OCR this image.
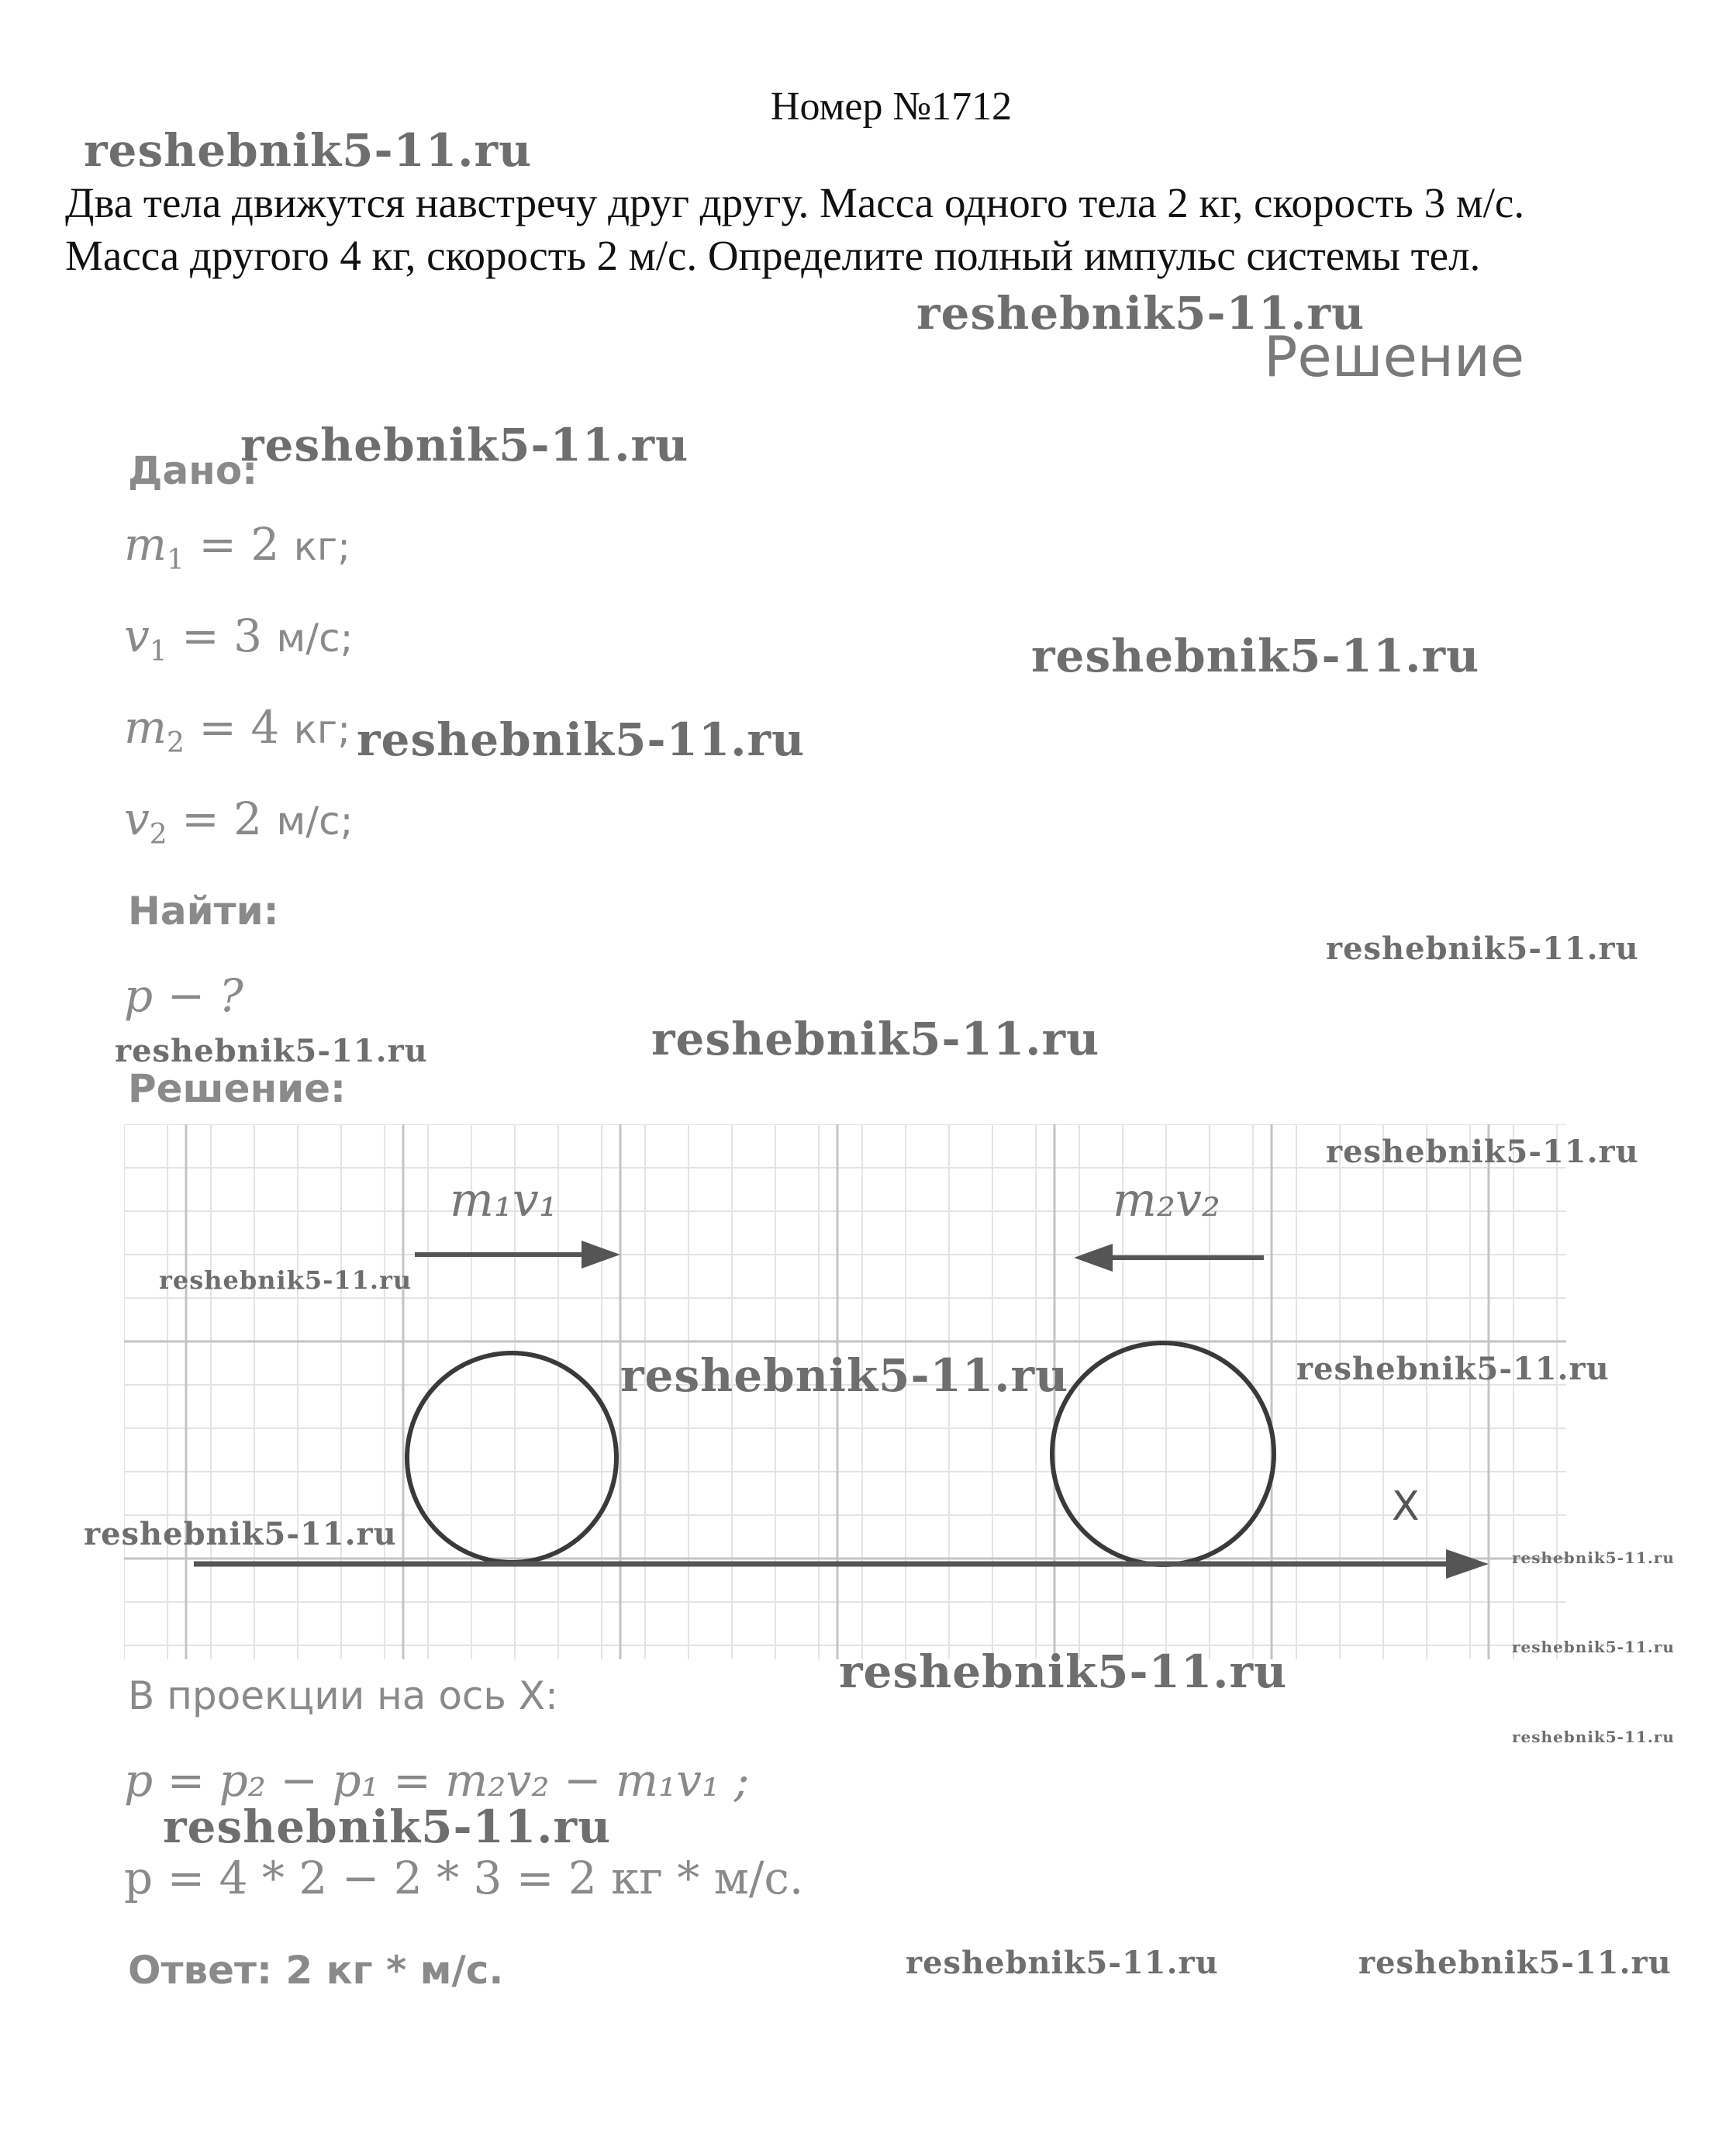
Номер №1712
reshebnik5-11.ru
Два тела движутся навстречу друг другу. Масса одного тела 2 кг, скорость 3 м/с.
Масса другого 4 кг, скорость 2 м/с. Определите полный импульс системы тел.
reshebnik5-11.ru
Решение
Дано:
reshebnik5-11.ru
$m_1 = 2$ кг;
$v_1 = 3$ м/с;	reshebnik5-11.ru
$m_2 = 4$ кг; reshebnik5-11.ru
$v_2 = 2$ м/с;
Найти:
reshebnik5-11.ru
p − ?
reshebnik5-11.ru	reshebnik5-11.ru
Решение:
m₁v₁	m₂v₂
X
reshebnik5-11.ru
reshebnik5-11.ru
reshebnik5-11.ru	reshebnik5-11.ru
reshebnik5-11.ru
reshebnik5-11.ru
reshebnik5-11.ru
В проекции на ось X:	reshebnik5-11.ru
reshebnik5-11.ru
p = p₂ − p₁ = m₂v₂ − m₁v₁ ;
reshebnik5-11.ru
p = 4 * 2 − 2 * 3 = 2 кг * м/с.
Ответ: 2 кг * м/с.	reshebnik5-11.ru	reshebnik5-11.ru
